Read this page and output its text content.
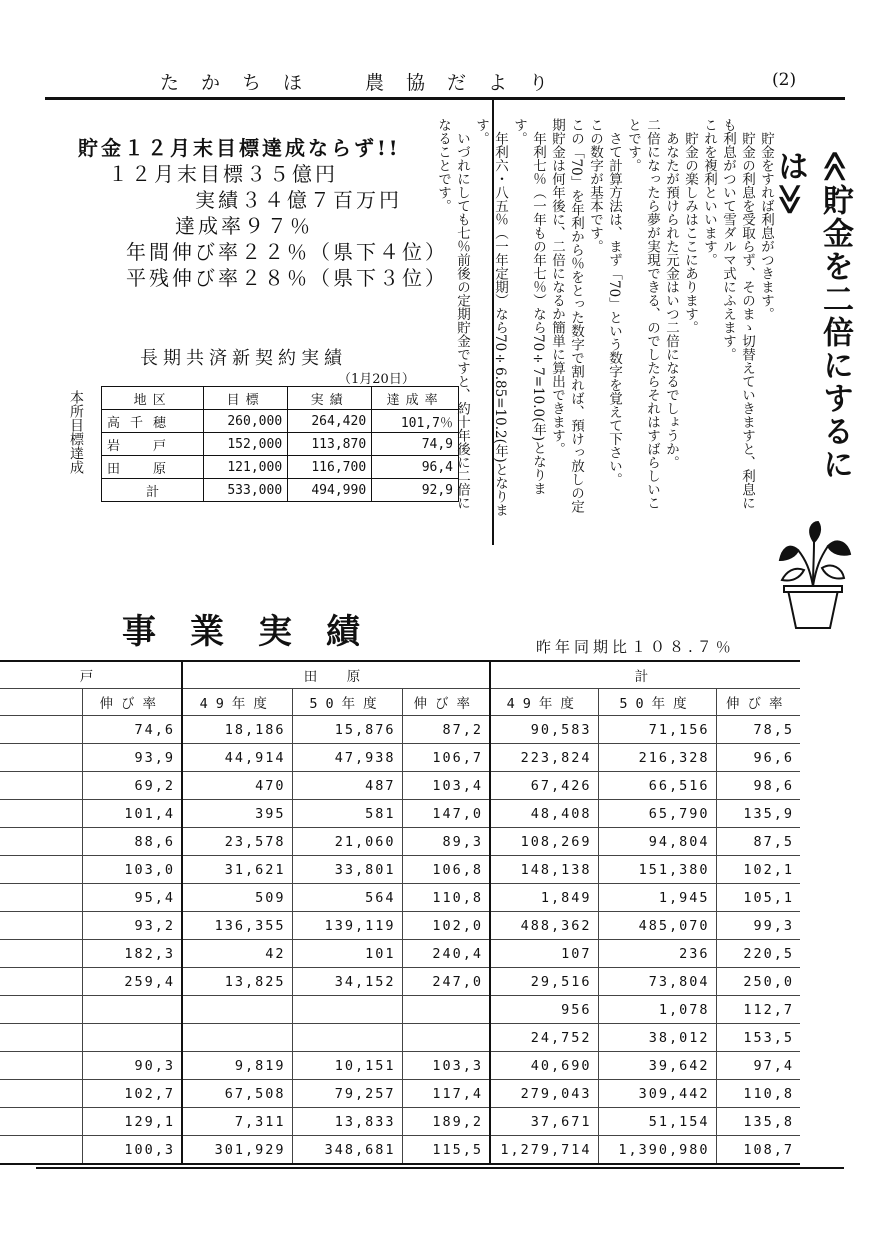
たかちほ　農協だより	(2)
貯金１２月末目標達成ならず!!
１２月末目標３５億円
実績３４億７百万円
達成率９７％
年間伸び率２２％（県下４位）
平残伸び率２８％（県下３位）
長期共済新契約実績
（1月20日）
本所目標達成	地区	目標	実績	達成率
高千穂	260,000	264,420	101,7％
岩　戸	152,000	113,870	74,9
田　原	121,000	116,700	96,4
計	533,000	494,990	92,9
≪貯金を二倍にするには≫
　貯金をすれば利息がつきます。
　貯金の利息を受取らず、そのまゝ切替えていきますと、利息にも利息がついて雪ダルマ式にふえます。
これを複利といいます。
　貯金の楽しみはここにあります。
　あなたが預けられた元金はいつ二倍になるでしょうか。
二倍になったら夢が実現できる、のでしたらそれはすばらしいことです。
　さて計算方法は、まず「70」という数字を覚えて下さい。
この数字が基本です。
この「70」を年利から％をとった数字で割れば、預けっ放しの定期貯金は何年後に、二倍になるか簡単に算出できます。
　年利七％（一年もの年七％）なら70÷7=10.0(年)となります。
　年利六・八五％（一年定期）なら70÷6.85=10.2(年)となります。
　いづれにしても七％前後の定期貯金ですと、約十年後に二倍になることです。
事業実績	昨年同期比１０８.７％
戸		田　原			計		
	伸び率	49年度	50年度	伸び率	49年度	50年度	伸び率
	74,6	18,186	15,876	87,2	90,583	71,156	78,5
	93,9	44,914	47,938	106,7	223,824	216,328	96,6
	69,2	470	487	103,4	67,426	66,516	98,6
	101,4	395	581	147,0	48,408	65,790	135,9
	88,6	23,578	21,060	89,3	108,269	94,804	87,5
	103,0	31,621	33,801	106,8	148,138	151,380	102,1
	95,4	509	564	110,8	1,849	1,945	105,1
	93,2	136,355	139,119	102,0	488,362	485,070	99,3
	182,3	42	101	240,4	107	236	220,5
	259,4	13,825	34,152	247,0	29,516	73,804	250,0
					956	1,078	112,7
					24,752	38,012	153,5
	90,3	9,819	10,151	103,3	40,690	39,642	97,4
	102,7	67,508	79,257	117,4	279,043	309,442	110,8
	129,1	7,311	13,833	189,2	37,671	51,154	135,8
	100,3	301,929	348,681	115,5	1,279,714	1,390,980	108,7
